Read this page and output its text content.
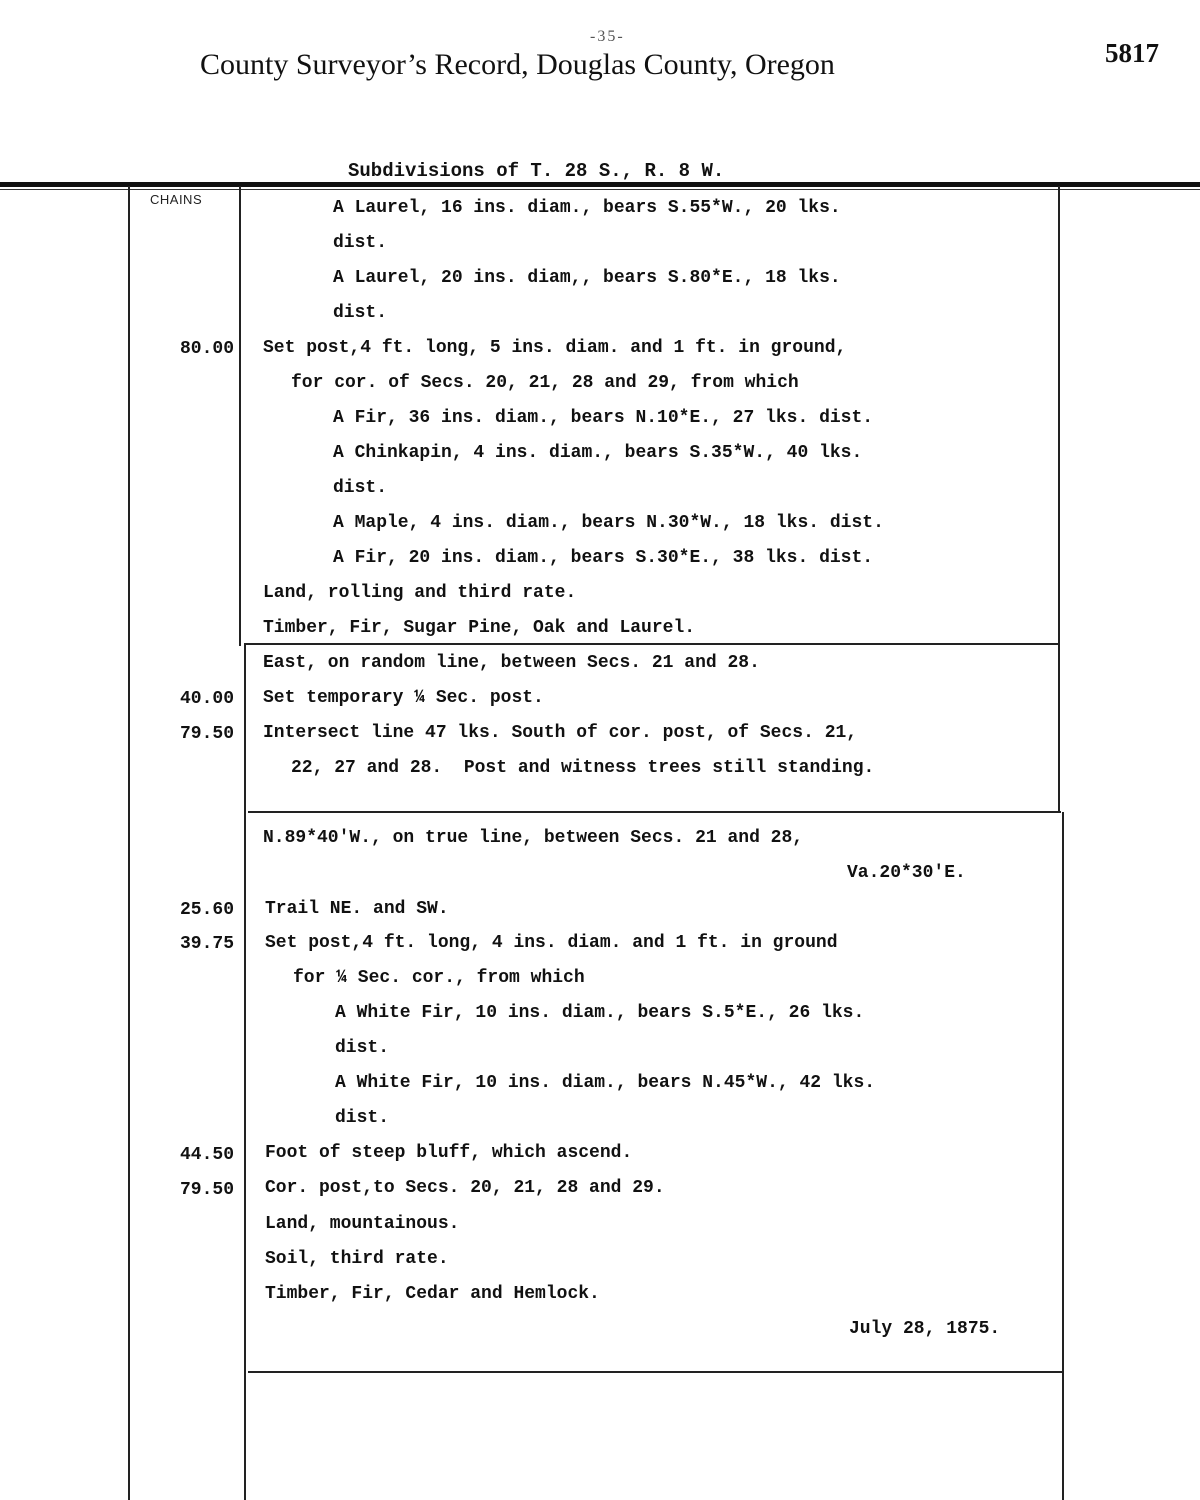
-35-
County Surveyor’s Record, Douglas County, Oregon	5817
Subdivisions of T. 28 S., R. 8 W.
CHAINS	A Laurel, 16 ins. diam., bears S.55*W., 20 lks.
dist.
A Laurel, 20 ins. diam,, bears S.80*E., 18 lks.
dist.
80.00 Set post,4 ft. long, 5 ins. diam. and 1 ft. in ground,
for cor. of Secs. 20, 21, 28 and 29, from which
A Fir, 36 ins. diam., bears N.10*E., 27 lks. dist.
A Chinkapin, 4 ins. diam., bears S.35*W., 40 lks.
dist.
A Maple, 4 ins. diam., bears N.30*W., 18 lks. dist.
A Fir, 20 ins. diam., bears S.30*E., 38 lks. dist.
Land, rolling and third rate.
Timber, Fir, Sugar Pine, Oak and Laurel.
East, on random line, between Secs. 21 and 28.
40.00 Set temporary ¼ Sec. post.
79.50 Intersect line 47 lks. South of cor. post, of Secs. 21,
22, 27 and 28.  Post and witness trees still standing.
N.89*40'W., on true line, between Secs. 21 and 28,
Va.20*30'E.
25.60 Trail NE. and SW.
39.75 Set post,4 ft. long, 4 ins. diam. and 1 ft. in ground
for ¼ Sec. cor., from which
A White Fir, 10 ins. diam., bears S.5*E., 26 lks.
dist.
A White Fir, 10 ins. diam., bears N.45*W., 42 lks.
dist.
44.50 Foot of steep bluff, which ascend.
79.50 Cor. post,to Secs. 20, 21, 28 and 29.
Land, mountainous.
Soil, third rate.
Timber, Fir, Cedar and Hemlock.
July 28, 1875.
